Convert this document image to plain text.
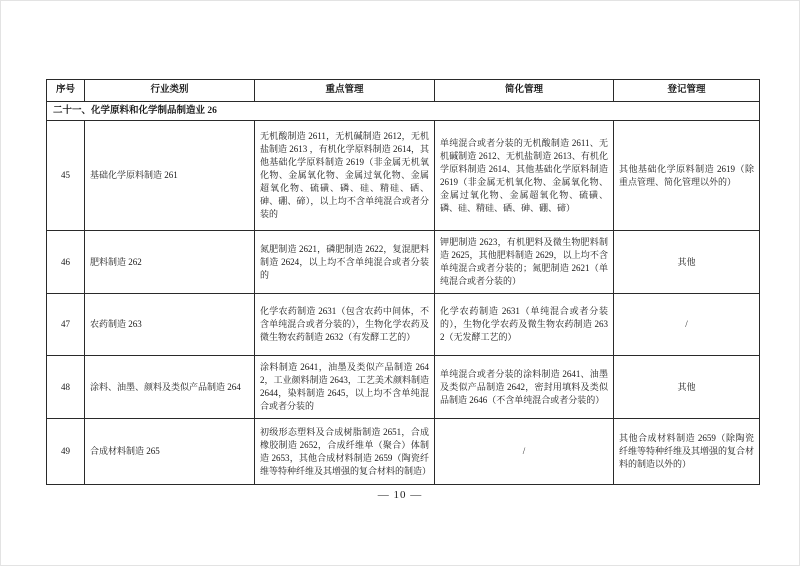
序号	行业类别	重点管理	简化管理	登记管理
二十一、化学原料和化学制品制造业 26				
45	基础化学原料制造 261	无机酸制造 2611，无机碱制造 2612，无机盐制造 2613 ，有机化学原料制造 2614，其他基础化学原料制造 2619（非金属无机氧化物、金属氧化物、金属过氧化物、金属超氧化物、硫磺、磷、硅、精硅、硒、砷、硼、碲），以上均不含单纯混合或者分装的	单纯混合或者分装的无机酸制造 2611、无机碱制造 2612、无机盐制造 2613、有机化学原料制造 2614、其他基础化学原料制造 2619（非金属无机氧化物、金属氧化物、金属过氧化物、金属超氧化物、硫磺、磷、硅、精硅、硒、砷、硼、碲）	其他基础化学原料制造 2619（除重点管理、简化管理以外的）
46	肥料制造 262	氮肥制造 2621，磷肥制造 2622，复混肥料制造 2624，以上均不含单纯混合或者分装的	钾肥制造 2623，有机肥料及微生物肥料制造 2625，其他肥料制造 2629，以上均不含单纯混合或者分装的；氮肥制造 2621（单纯混合或者分装的）	其他
47	农药制造 263	化学农药制造 2631（包含农药中间体，不含单纯混合或者分装的），生物化学农药及微生物农药制造 2632（有发酵工艺的）	化学农药制造 2631（单纯混合或者分装的），生物化学农药及微生物农药制造 2632（无发酵工艺的）	/
48	涂料、油墨、颜料及类似产品制造 264	涂料制造 2641，油墨及类似产品制造 2642，工业颜料制造 2643，工艺美术颜料制造 2644，染料制造 2645，以上均不含单纯混合或者分装的	单纯混合或者分装的涂料制造 2641、油墨及类似产品制造 2642，密封用填料及类似品制造 2646（不含单纯混合或者分装的）	其他
49	合成材料制造 265	初级形态塑料及合成树脂制造 2651，合成橡胶制造 2652，合成纤维单（聚合）体制造 2653，其他合成材料制造 2659（陶瓷纤维等特种纤维及其增强的复合材料的制造）	/	其他合成材料制造 2659（除陶瓷纤维等特种纤维及其增强的复合材料的制造以外的）
— 10 —
